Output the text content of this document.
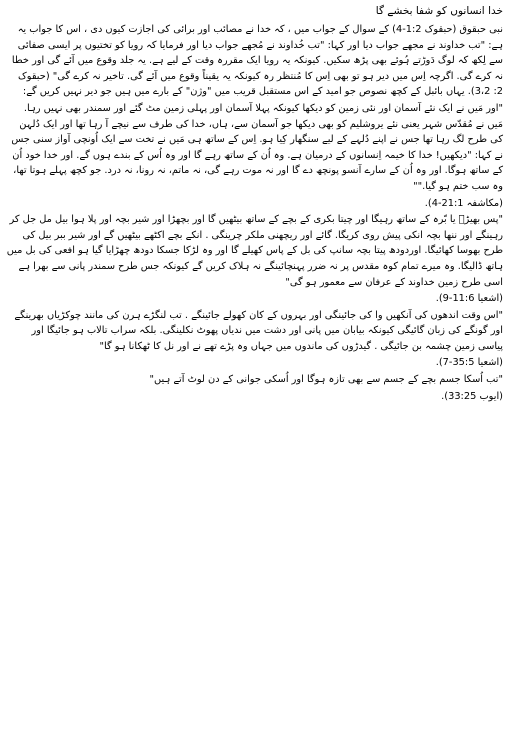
خدا انسانوں کو شفا بخشے گا
نبی حبقوق (حبقوک 1:2-4) کے سوال کے جواب میں ، کہ خدا نے مصائب اور برائی کی اجازت کیوں دی ، اس کا جواب یہ ہے: "تب خداوند نے مجھے جواب دیا اور کہا: "تب خُداوند نے مُجھے جواب دیا اور فرمایا کہ رویا کو تختیوں پر ایسی صفائی سے لِکھ کہ لوگ دَوڑتے ہُوئے بھی پڑھ سکیں. کیونکہ یہ رویا ایک مقررہ وقت کے لیے ہے. یہ جلد وقوع میں آئے گی اور خطا نہ کرے گی. اگرچہ اِس میں دیر ہو تو بھی اِس کا مُنتظر رہ کیونکہ یہ یقیناً وقوع میں آئے گی. تاخیر نہ کرے گی" (حبقوک 2: 3،2). یہاں بائبل کے کچھ نصوص جو امید کے اس مستقبل قریب میں "وژن" کے بارے میں ہیں جو دیر نہیں کریں گے:
"اور مَیں نے ایک نئے آسمان اور نئی زمین کو دیکھا کیونکہ پہلا آسمان اور پہلی زمین مٹ گئے اور سمندر بھی نہیں رہا. مَیں نے مُقدّس شہر یعنی نئے یروشلیم کو بھی دیکھا جو آسمان سے، ہاں، خدا کی طرف سے نیچے آ رہا تھا اور ایک دُلہن کی طرح لگ رہا تھا جس نے اپنے دُلہے کے لیے سنگھار کِیا ہو. اِس کے ساتھ ہی مَیں نے تخت سے ایک اُونچی آواز سنی جس نے کہا: "دیکھیں! خدا کا خیمہ اِنسانوں کے درمیان ہے. وہ اُن کے ساتھ رہے گا اور وہ اُس کے بندے ہوں گے. اور خدا خود اُن کے ساتھ ہوگا. اور وہ اُن کے سارے آنسو پونچھ دے گا اور نہ موت رہے گی، نہ ماتم، نہ رونا، نہ درد. جو کچھ پہلے ہوتا تھا، وہ سب ختم ہو گیا.""
(مکاشفہ 21:1-4).
"پس بھیڑؔ یا بّرہ کے ساتھ رہیگا اور چیتا بکری کے بچے کے ساتھ بیٹھیں گا اور بچھڑا اور شیر بچہ اور پلا ہوا بیل مل جل کر رہینگے اور ننھا بچہ انکی پیش روی کریگا. گائے اور ریچھنی ملکر چرینگی . انکے بچے اکٹھے بیٹھیں گے اور شیر ببر بیل کی طرح بھوسا کھائیگا. اوردودھ پیتا بچہ سانپ کی بل کے پاس کھیلے گا اور وہ لڑکا جسکا دودھ چھڑایا گیا ہو افعی کی بل میں ہاتھ ڈالیگا. وہ میرے تمام کوہ مقدس پر نہ ضرر پہنچائینگے نہ ہلاک کریں گے کیونکہ جس طرح سمندر پانی سے بھرا ہے اسی طرح زمین خداوند کے عرفان سے معمور ہو گی"
(اشعیا 11:6-9).
"اس وقت اندھوں کی آنکھیں وا کی جائینگی اور بہروں کے کان کھولے جائینگے . تب لنگڑے ہرن کی مانند چوکڑیاں بھرینگے اور گونگے کی زبان گائیگی کیونکہ بیابان میں پانی اور دشت میں ندیاں پھوٹ نکلینگی. بلکہ سراب تالاب ہو جائیگا اور پیاسی زمین چشمہ بن جائیگی . گیدڑوں کی ماندوں میں جہاں وہ پڑے تھے نے اور نل کا ٹھکانا ہو گا"
(اشعیا 35:5-7).
"تب اُسکا جسم بچے کے جسم سے بھی تازہ ہوگا اور اُسکی جوانی کے دن لوٹ آتے ہیں"
(ایوب 33:25).
